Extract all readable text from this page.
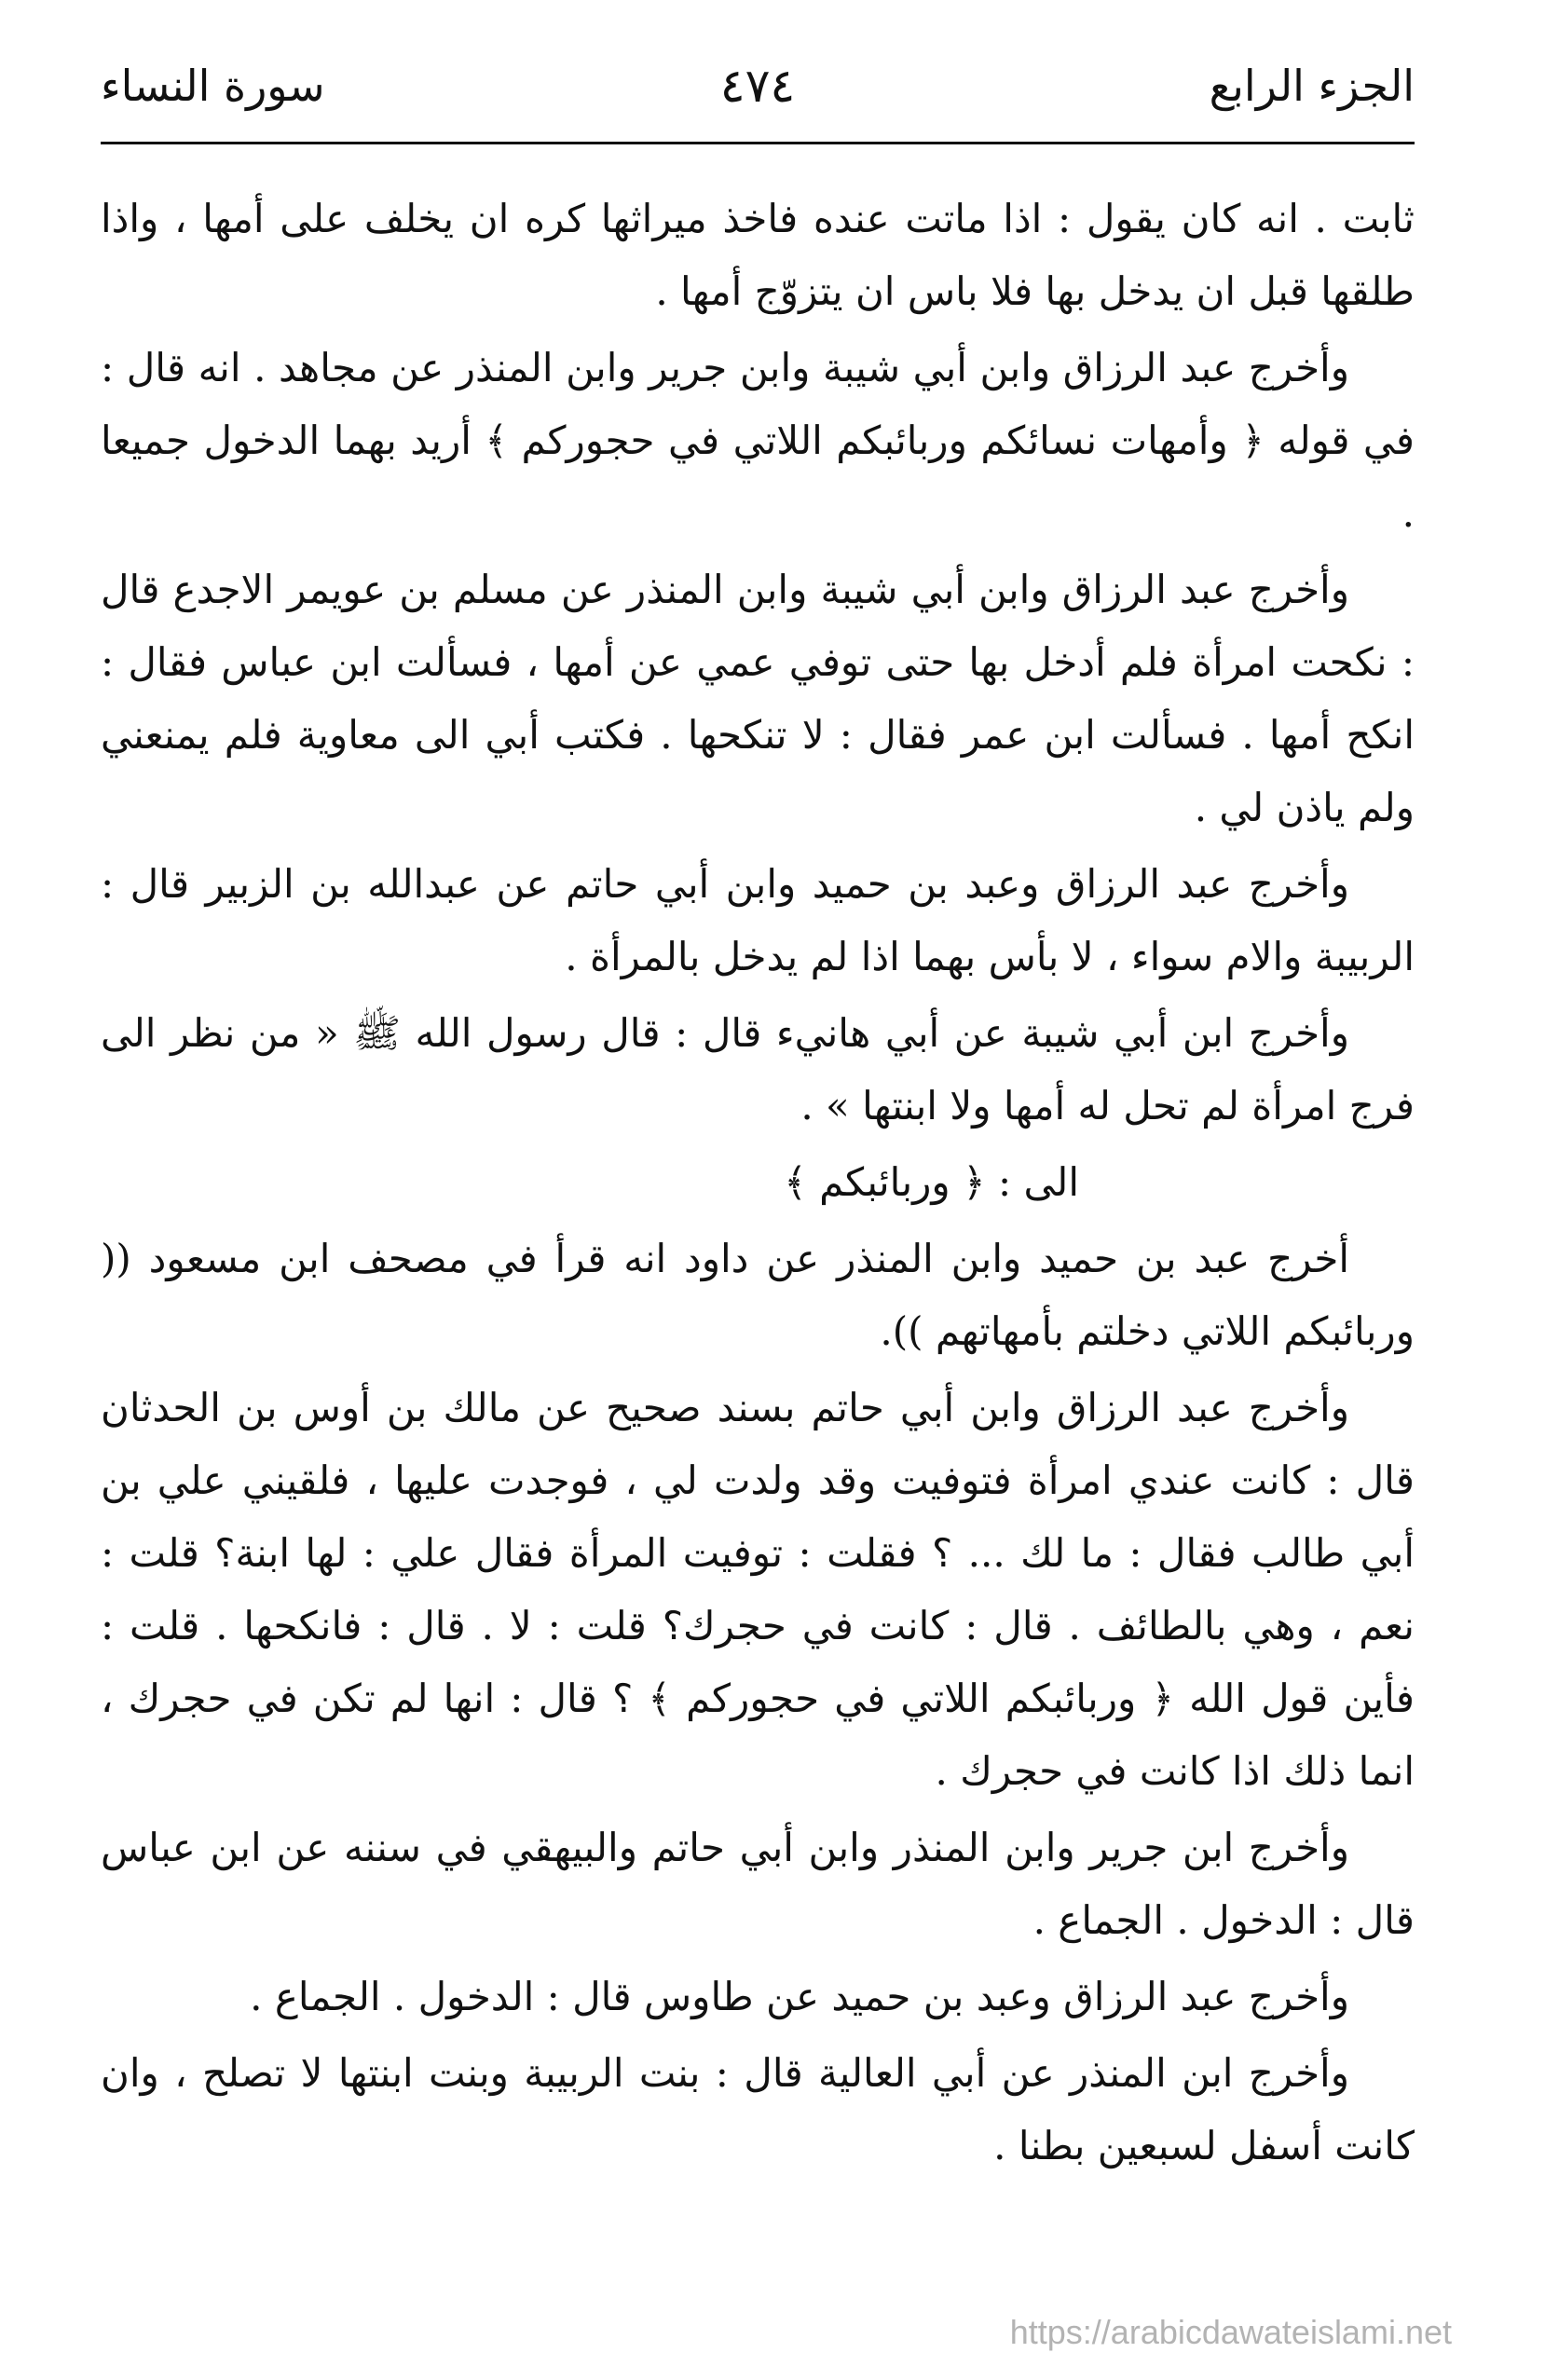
الجزء الرابع
٤٧٤
سورة النساء

ثابت . انه كان يقول : اذا ماتت عنده فاخذ ميراثها كره ان يخلف على أمها ، واذا طلقها قبل ان يدخل بها فلا باس ان يتزوّج أمها .

وأخرج عبد الرزاق وابن أبي شيبة وابن جرير وابن المنذر عن مجاهد . انه قال : في قوله ﴿ وأمهات نسائكم وربائبكم اللاتي في حجوركم ﴾ أريد بهما الدخول جميعا .

وأخرج عبد الرزاق وابن أبي شيبة وابن المنذر عن مسلم بن عويمر الاجدع قال : نكحت امرأة فلم أدخل بها حتى توفي عمي عن أمها ، فسألت ابن عباس فقال : انكح أمها . فسألت ابن عمر فقال : لا تنكحها . فكتب أبي الى معاوية فلم يمنعني ولم ياذن لي .

وأخرج عبد الرزاق وعبد بن حميد وابن أبي حاتم عن عبدالله بن الزبير قال : الربيبة والام سواء ، لا بأس بهما اذا لم يدخل بالمرأة .

وأخرج ابن أبي شيبة عن أبي هانيء قال : قال رسول الله ﷺ « من نظر الى فرج امرأة لم تحل له أمها ولا ابنتها » .

الى : ﴿ وربائبكم ﴾

أخرج عبد بن حميد وابن المنذر عن داود انه قرأ في مصحف ابن مسعود (( وربائبكم اللاتي دخلتم بأمهاتهم )).

وأخرج عبد الرزاق وابن أبي حاتم بسند صحيح عن مالك بن أوس بن الحدثان قال : كانت عندي امرأة فتوفيت وقد ولدت لي ، فوجدت عليها ، فلقيني علي بن أبي طالب فقال : ما لك ... ؟ فقلت : توفيت المرأة فقال علي : لها ابنة؟ قلت : نعم ، وهي بالطائف . قال : كانت في حجرك؟ قلت : لا . قال : فانكحها . قلت : فأين قول الله ﴿ وربائبكم اللاتي في حجوركم ﴾ ؟ قال : انها لم تكن في حجرك ، انما ذلك اذا كانت في حجرك .

وأخرج ابن جرير وابن المنذر وابن أبي حاتم والبيهقي في سننه عن ابن عباس قال : الدخول . الجماع .

وأخرج عبد الرزاق وعبد بن حميد عن طاوس قال : الدخول . الجماع .

وأخرج ابن المنذر عن أبي العالية قال : بنت الربيبة وبنت ابنتها لا تصلح ، وان كانت أسفل لسبعين بطنا .

https://arabicdawateislami.net
